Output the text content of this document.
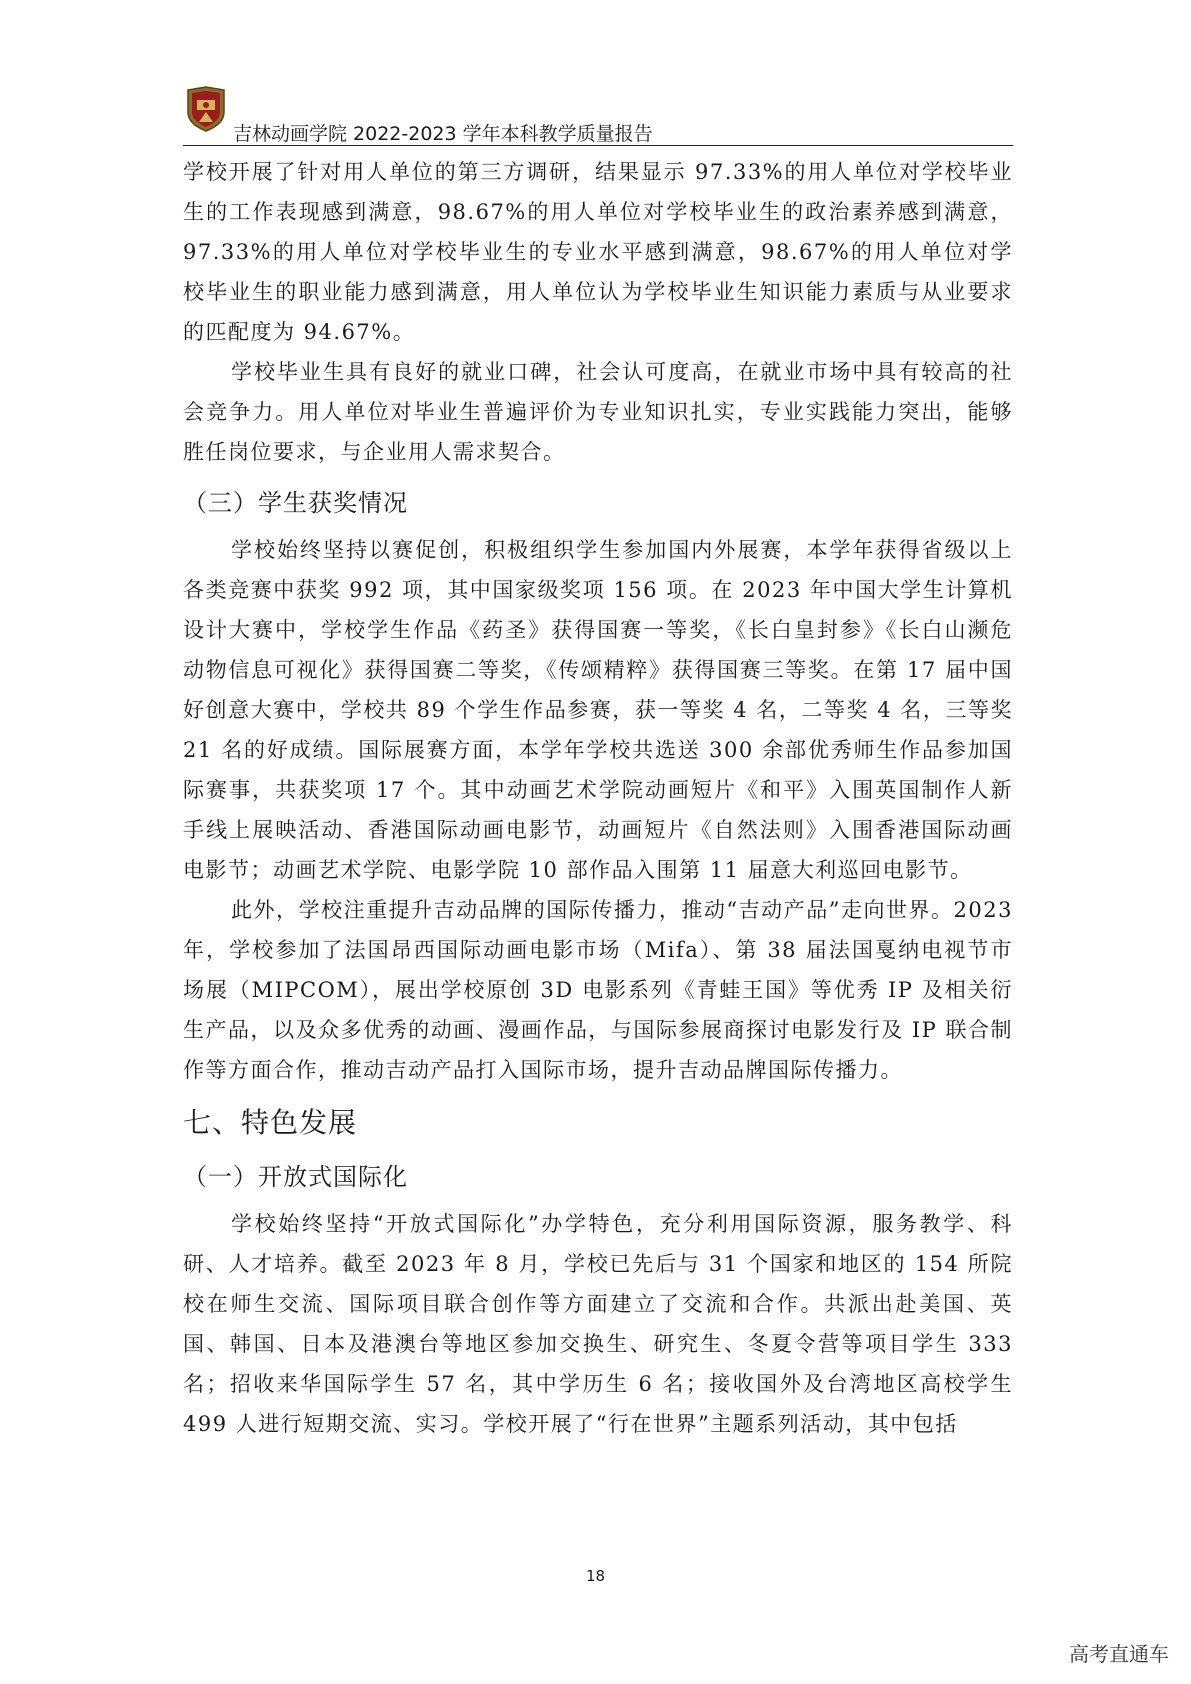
吉林动画学院 2022-2023 学年本科教学质量报告

学校开展了针对用人单位的第三方调研，结果显示 97.33%的用人单位对学校毕业生的工作表现感到满意，98.67%的用人单位对学校毕业生的政治素养感到满意，97.33%的用人单位对学校毕业生的专业水平感到满意，98.67%的用人单位对学校毕业生的职业能力感到满意，用人单位认为学校毕业生知识能力素质与从业要求的匹配度为 94.67%。

学校毕业生具有良好的就业口碑，社会认可度高，在就业市场中具有较高的社会竞争力。用人单位对毕业生普遍评价为专业知识扎实，专业实践能力突出，能够胜任岗位要求，与企业用人需求契合。

（三）学生获奖情况

学校始终坚持以赛促创，积极组织学生参加国内外展赛，本学年获得省级以上各类竞赛中获奖 992 项，其中国家级奖项 156 项。在 2023 年中国大学生计算机设计大赛中，学校学生作品《药圣》获得国赛一等奖，《长白皇封参》《长白山濒危动物信息可视化》获得国赛二等奖，《传颂精粹》获得国赛三等奖。在第 17 届中国好创意大赛中，学校共 89 个学生作品参赛，获一等奖 4 名，二等奖 4 名，三等奖 21 名的好成绩。国际展赛方面，本学年学校共选送 300 余部优秀师生作品参加国际赛事，共获奖项 17 个。其中动画艺术学院动画短片《和平》入围英国制作人新手线上展映活动、香港国际动画电影节，动画短片《自然法则》入围香港国际动画电影节；动画艺术学院、电影学院 10 部作品入围第 11 届意大利巡回电影节。

此外，学校注重提升吉动品牌的国际传播力，推动“吉动产品”走向世界。2023 年，学校参加了法国昂西国际动画电影市场（Mifa）、第 38 届法国戛纳电视节市场展（MIPCOM），展出学校原创 3D 电影系列《青蛙王国》等优秀 IP 及相关衍生产品，以及众多优秀的动画、漫画作品，与国际参展商探讨电影发行及 IP 联合制作等方面合作，推动吉动产品打入国际市场，提升吉动品牌国际传播力。

七、特色发展
（一）开放式国际化

学校始终坚持“开放式国际化”办学特色，充分利用国际资源，服务教学、科研、人才培养。截至 2023 年 8 月，学校已先后与 31 个国家和地区的 154 所院校在师生交流、国际项目联合创作等方面建立了交流和合作。共派出赴美国、英国、韩国、日本及港澳台等地区参加交换生、研究生、冬夏令营等项目学生 333 名；招收来华国际学生 57 名，其中学历生 6 名；接收国外及台湾地区高校学生 499 人进行短期交流、实习。学校开展了“行在世界”主题系列活动，其中包括

18
高考直通车
